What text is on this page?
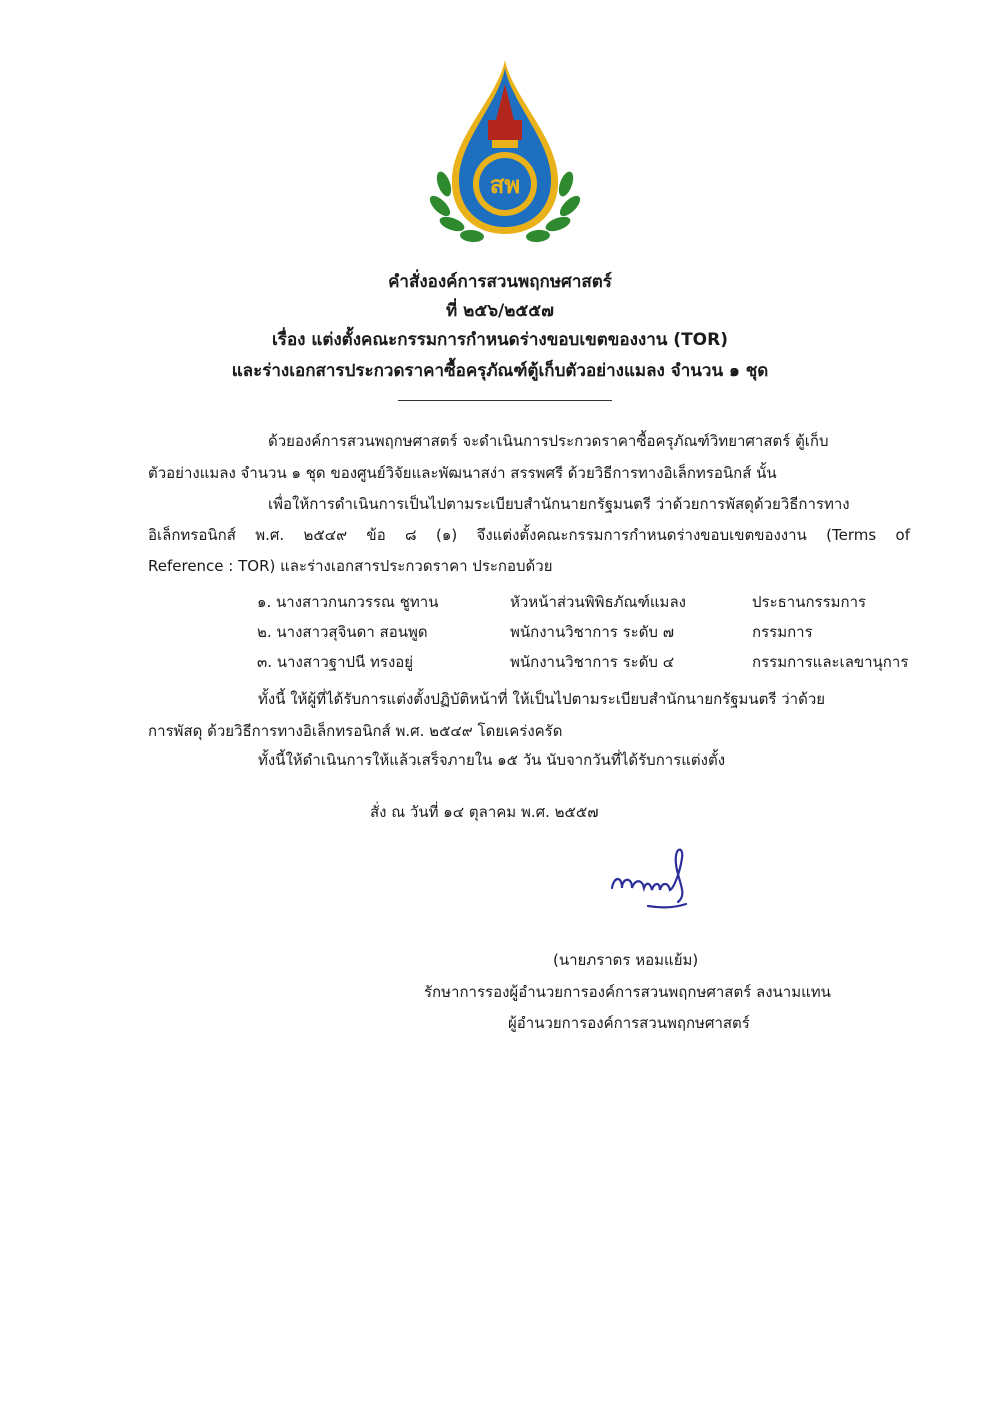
สพ
คำสั่งองค์การสวนพฤกษศาสตร์
ที่ ๒๕๖/๒๕๕๗
เรื่อง แต่งตั้งคณะกรรมการกำหนดร่างขอบเขตของงาน (TOR)
และร่างเอกสารประกวดราคาซื้อครุภัณฑ์ตู้เก็บตัวอย่างแมลง จำนวน ๑ ชุด
ด้วยองค์การสวนพฤกษศาสตร์ จะดำเนินการประกวดราคาซื้อครุภัณฑ์วิทยาศาสตร์ ตู้เก็บ
ตัวอย่างแมลง จำนวน ๑ ชุด ของศูนย์วิจัยและพัฒนาสง่า สรรพศรี ด้วยวิธีการทางอิเล็กทรอนิกส์ นั้น
เพื่อให้การดำเนินการเป็นไปตามระเบียบสำนักนายกรัฐมนตรี ว่าด้วยการพัสดุด้วยวิธีการทาง
อิเล็กทรอนิกส์ พ.ศ. ๒๕๔๙ ข้อ ๘ (๑) จึงแต่งตั้งคณะกรรมการกำหนดร่างขอบเขตของงาน (Terms of
Reference : TOR) และร่างเอกสารประกวดราคา ประกอบด้วย
๑. นางสาวกนกวรรณ ชูทาน	หัวหน้าส่วนพิพิธภัณฑ์แมลง	ประธานกรรมการ
๒. นางสาวสุจินดา สอนพูด	พนักงานวิชาการ ระดับ ๗	กรรมการ
๓. นางสาวฐาปนี ทรงอยู่	พนักงานวิชาการ ระดับ ๔	กรรมการและเลขานุการ
ทั้งนี้ ให้ผู้ที่ได้รับการแต่งตั้งปฏิบัติหน้าที่ ให้เป็นไปตามระเบียบสำนักนายกรัฐมนตรี ว่าด้วย
การพัสดุ ด้วยวิธีการทางอิเล็กทรอนิกส์ พ.ศ. ๒๕๔๙ โดยเคร่งครัด
ทั้งนี้ให้ดำเนินการให้แล้วเสร็จภายใน ๑๕ วัน นับจากวันที่ได้รับการแต่งตั้ง
สั่ง ณ วันที่ ๑๔ ตุลาคม พ.ศ. ๒๕๕๗
(นายภราดร หอมแย้ม)
รักษาการรองผู้อำนวยการองค์การสวนพฤกษศาสตร์ ลงนามแทน
ผู้อำนวยการองค์การสวนพฤกษศาสตร์
